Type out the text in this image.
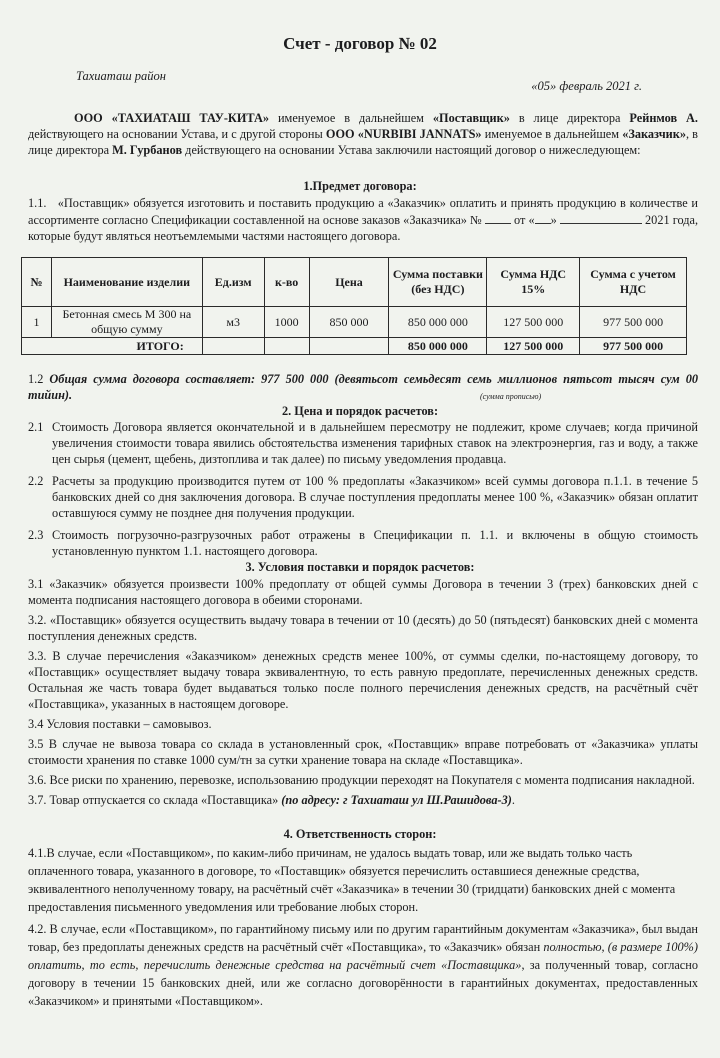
Счет - договор № 02
Тахиаташ район
«05» февраль 2021 г.

ООО «ТАХИАТАШ ТАУ-КИТА» именуемое в дальнейшем «Поставщик» в лице директора Рейнмов А. действующего на основании Устава, и с другой стороны ООО «NURBIBI JANNATS» именуемое в дальнейшем «Заказчик», в лице директора М. Гурбанов действующего на основании Устава заключили настоящий договор о нижеследующем:

1.Предмет договора:

1.1. «Поставщик» обязуется изготовить и поставить продукцию а «Заказчик» оплатить и принять продукцию в количестве и ассортименте согласно Спецификации составленной на основе заказов «Заказчика» №	от « »	2021 года, которые будут являться неотъемлемыми частями настоящего договора.

№	Наименование изделии	Ед.изм	к-во	Цена	Сумма поставки (без НДС)	Сумма НДС 15%	Сумма с учетом НДС
1	Бетонная смесь М 300 на общую сумму	м3	1000	850 000	850 000 000	127 500 000	977 500 000
ИТОГО:					850 000 000	127 500 000	977 500 000

1.2 Общая сумма договора составляет: 977 500 000 (девятьсот семьдесят семь миллионов пятьсот тысяч сум 00 тийин).	(сумма прописью)
2. Цена и порядок расчетов:

2.1 Стоимость Договора является окончательной и в дальнейшем пересмотру не подлежит, кроме случаев; когда причиной увеличения стоимости товара явились обстоятельства изменения тарифных ставок на электроэнергия, газ и воду, а также цен сырья (цемент, щебень, дизтоплива и так далее) по письму уведомления продавца.

2.2 Расчеты за продукцию производится путем от 100 % предоплаты «Заказчиком» всей суммы договора п.1.1. в течение 5 банковских дней со дня заключения договора. В случае поступления предоплаты менее 100 %, «Заказчик» обязан оплатит оставшуюся сумму не позднее дня получения продукции.

2.3 Стоимость погрузочно-разгрузочных работ отражены в Спецификации п. 1.1. и включены в общую стоимость установленную пунктом 1.1. настоящего договора.

3. Условия поставки и порядок расчетов:

3.1 «Заказчик» обязуется произвести 100% предоплату от общей суммы Договора в течении 3 (трех) банковских дней с момента подписания настоящего договора в обеими сторонами.

3.2. «Поставщик» обязуется осуществить выдачу товара в течении от 10 (десять) до 50 (пятьдесят) банковских дней с момента поступления денежных средств.

3.3. В случае перечисления «Заказчиком» денежных средств менее 100%, от суммы сделки, по-настоящему договору, то «Поставщик» осуществляет выдачу товара эквивалентную, то есть равную предоплате, перечисленных денежных средств. Остальная же часть товара будет выдаваться только после полного перечисления денежных средств, на расчётный счёт «Поставщика», указанных в настоящем договоре.

3.4 Условия поставки – самовывоз.

3.5 В случае не вывоза товара со склада в установленный срок, «Поставщик» вправе потребовать от «Заказчика» уплаты стоимости хранения по ставке 1000 сум/тн за сутки хранение товара на складе «Поставщика».

3.6. Все риски по хранению, перевозке, использованию продукции переходят на Покупателя с момента подписания накладной.

3.7. Товар отпускается со склада «Поставщика» (по адресу: г Тахиаташ ул Ш.Рашидова-3).

4. Ответственность сторон:

4.1.В случае, если «Поставщиком», по каким-либо причинам, не удалось выдать товар, или же выдать только часть оплаченного товара, указанного в договоре, то «Поставщик» обязуется перечислить оставшиеся денежные средства, эквивалентного неполученному товару, на расчётный счёт «Заказчика» в течении 30 (тридцати) банковских дней с момента предоставления письменного уведомления или требование любых сторон.

4.2. В случае, если «Поставщиком», по гарантийному письму или по другим гарантийным документам «Заказчика», был выдан товар, без предоплаты денежных средств на расчётный счёт «Поставщика», то «Заказчик» обязан полностью, (в размере 100%) оплатить, то есть, перечислить денежные средства на расчётный счет «Поставщика», за полученный товар, согласно договору в течении 15 банковских дней, или же согласно договорённости в гарантийных документах, предоставленных «Заказчиком» и принятыми «Поставщиком».
